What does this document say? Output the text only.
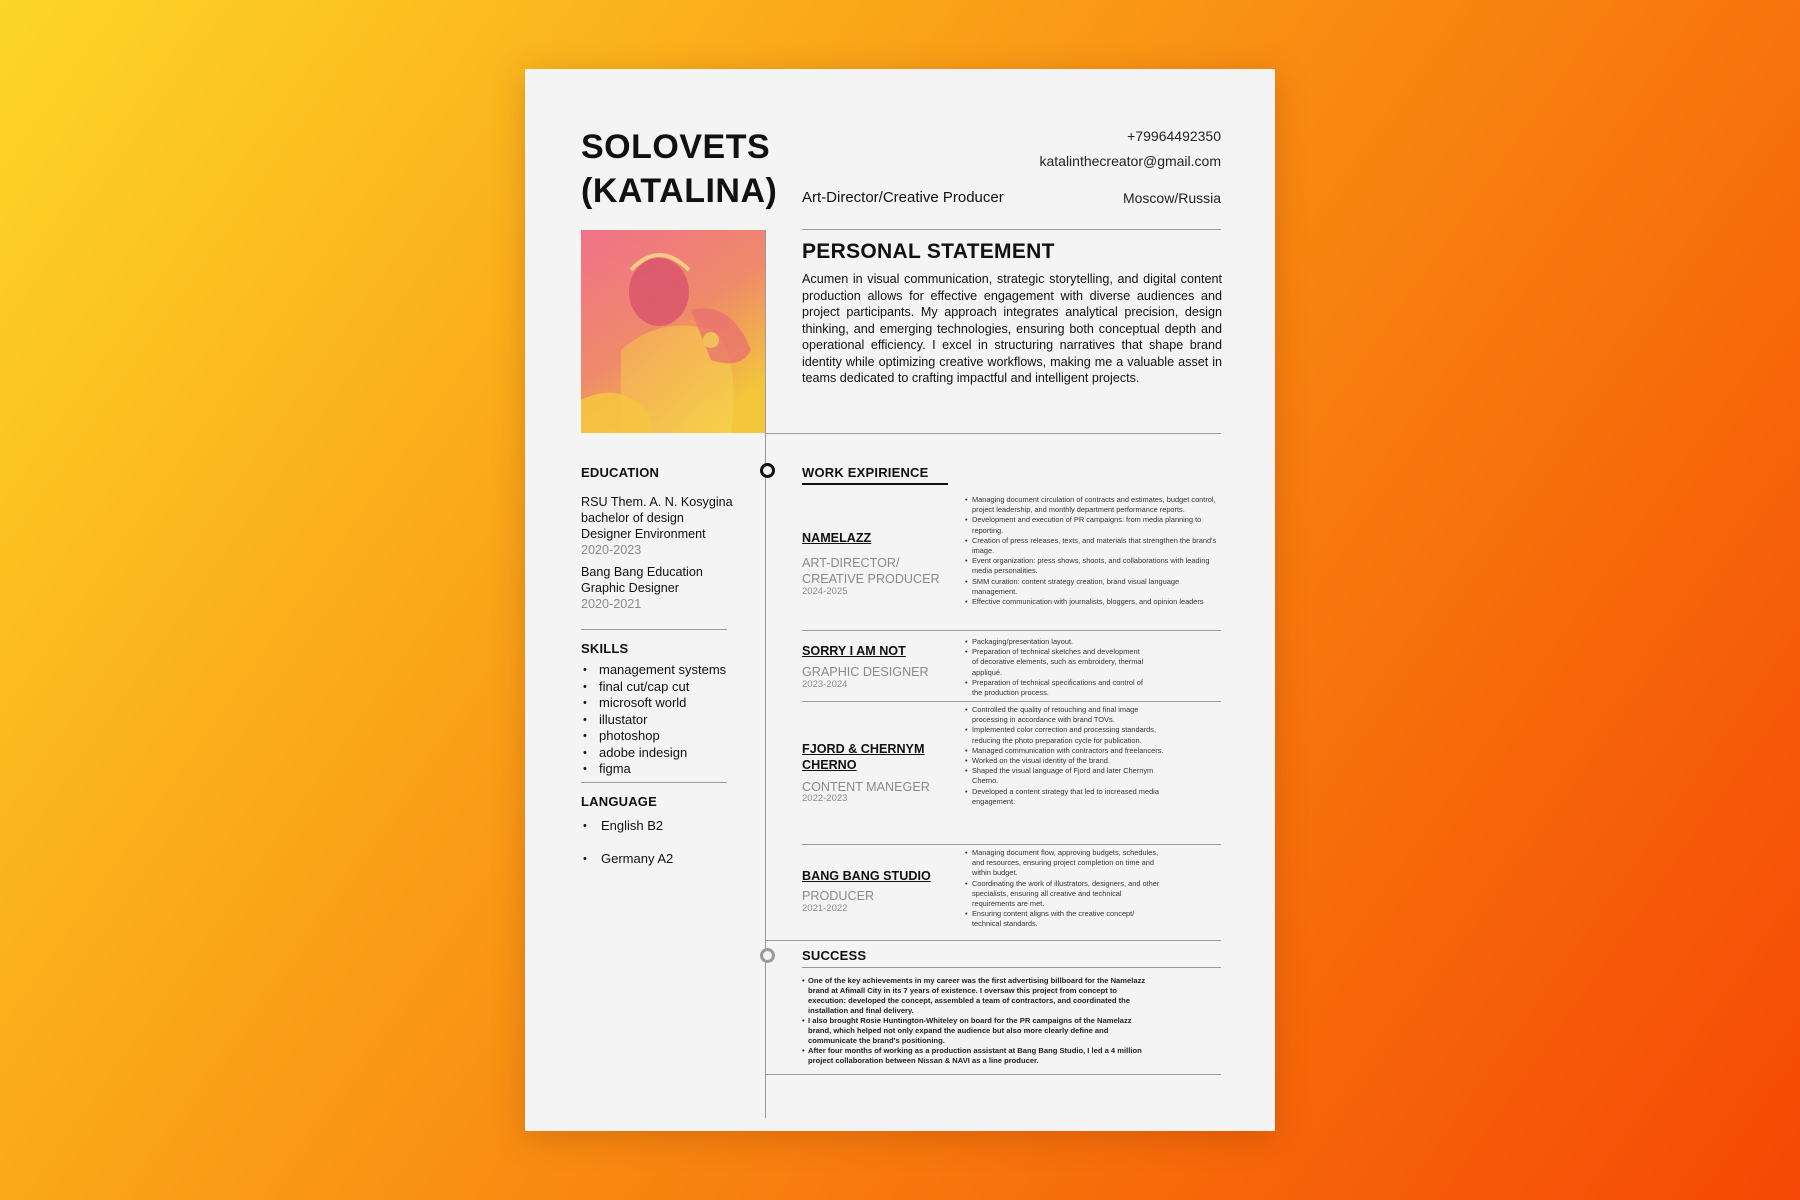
SOLOVETS
(KATALINA)
+79964492350
katalinthecreator@gmail.com
Art-Director/Creative Producer	Moscow/Russia
PERSONAL STATEMENT
Acumen in visual communication, strategic storytelling, and digital content production allows for effective engagement with diverse audiences and project participants. My approach integrates analytical precision, design thinking, and emerging technologies, ensuring both conceptual depth and operational efficiency. I excel in structuring narratives that shape brand identity while optimizing creative workflows, making me a valuable asset in teams dedicated to crafting impactful and intelligent projects.
EDUCATION
RSU Them. A. N. Kosygina
bachelor of design
Designer Environment
2020-2023
Bang Bang Education
Graphic Designer
2020-2021
SKILLS
• management systems
• final cut/cap cut
• microsoft world
• illustator
• photoshop
• adobe indesign
• figma
LANGUAGE
• English B2
• Germany A2
WORK EXPIRIENCE
NAMELAZZ
ART-DIRECTOR/
CREATIVE PRODUCER
2024-2025
• Managing document circulation of contracts and estimates, budget control, project leadership, and monthly department performance reports.
• Development and execution of PR campaigns: from media planning to reporting.
• Creation of press releases, texts, and materials that strengthen the brand's image.
• Event organization: press shows, shoots, and collaborations with leading media personalities.
• SMM curation: content strategy creation, brand visual language management.
• Effective communication with journalists, bloggers, and opinion leaders
SORRY I AM NOT
GRAPHIC DESIGNER
2023-2024
• Packaging/presentation layout.
• Preparation of technical sketches and development of decorative elements, such as embroidery, thermal appliqué.
• Preparation of technical specifications and control of the production process.
FJORD & CHERNYM
CHERNO
CONTENT MANEGER
2022-2023
• Controlled the quality of retouching and final image processing in accordance with brand TOVs.
• Implemented color correction and processing standards, reducing the photo preparation cycle for publication.
• Managed communication with contractors and freelancers.
• Worked on the visual identity of the brand.
• Shaped the visual language of Fjord and later Chernym Cherno.
• Developed a content strategy that led to increased media engagement.
BANG BANG STUDIO
PRODUCER
2021-2022
• Managing document flow, approving budgets, schedules, and resources, ensuring project completion on time and within budget.
• Coordinating the work of illustrators, designers, and other specialists, ensuring all creative and technical requirements are met.
• Ensuring content aligns with the creative concept/ technical standards.
SUCCESS
• One of the key achievements in my career was the first advertising billboard for the Namelazz brand at Afimall City in its 7 years of existence. I oversaw this project from concept to execution: developed the concept, assembled a team of contractors, and coordinated the installation and final delivery.
• I also brought Rosie Huntington-Whiteley on board for the PR campaigns of the Namelazz brand, which helped not only expand the audience but also more clearly define and communicate the brand's positioning.
• After four months of working as a production assistant at Bang Bang Studio, I led a 4 million project collaboration between Nissan & NAVI as a line producer.
